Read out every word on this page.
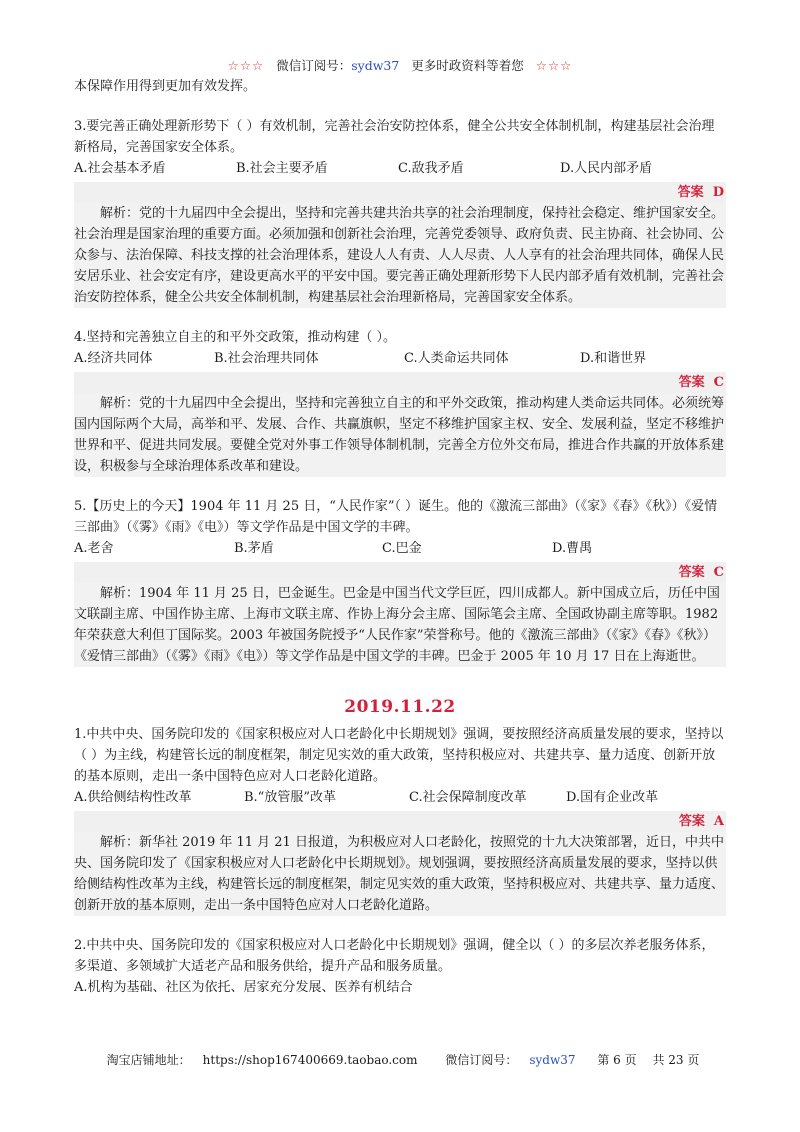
☆☆☆ 微信订阅号：sydw37 更多时政资料等着您 ☆☆☆
本保障作用得到更加有效发挥。
3.要完善正确处理新形势下（ ）有效机制，完善社会治安防控体系，健全公共安全体制机制，构建基层社会治理新格局，完善国家安全体系。
A.社会基本矛盾	B.社会主要矛盾	C.敌我矛盾	D.人民内部矛盾
答案 D
解析：党的十九届四中全会提出，坚持和完善共建共治共享的社会治理制度，保持社会稳定、维护国家安全。社会治理是国家治理的重要方面。必须加强和创新社会治理，完善党委领导、政府负责、民主协商、社会协同、公众参与、法治保障、科技支撑的社会治理体系，建设人人有责、人人尽责、人人享有的社会治理共同体，确保人民安居乐业、社会安定有序，建设更高水平的平安中国。要完善正确处理新形势下人民内部矛盾有效机制，完善社会治安防控体系，健全公共安全体制机制，构建基层社会治理新格局，完善国家安全体系。
4.坚持和完善独立自主的和平外交政策，推动构建（ ）。
A.经济共同体	B.社会治理共同体	C.人类命运共同体	D.和谐世界
答案 C
解析：党的十九届四中全会提出，坚持和完善独立自主的和平外交政策，推动构建人类命运共同体。必须统筹国内国际两个大局，高举和平、发展、合作、共赢旗帜，坚定不移维护国家主权、安全、发展利益，坚定不移维护世界和平、促进共同发展。要健全党对外事工作领导体制机制，完善全方位外交布局，推进合作共赢的开放体系建设，积极参与全球治理体系改革和建设。
5.【历史上的今天】1904 年 11 月 25 日，“人民作家”（ ）诞生。他的《激流三部曲》（《家》《春》《秋》）《爱情三部曲》（《雾》《雨》《电》）等文学作品是中国文学的丰碑。
A.老舍	B.茅盾	C.巴金	D.曹禺
答案 C
解析：1904 年 11 月 25 日，巴金诞生。巴金是中国当代文学巨匠，四川成都人。新中国成立后，历任中国文联副主席、中国作协主席、上海市文联主席、作协上海分会主席、国际笔会主席、全国政协副主席等职。1982 年荣获意大利但丁国际奖。2003 年被国务院授予“人民作家”荣誉称号。他的《激流三部曲》（《家》《春》《秋》）《爱情三部曲》（《雾》《雨》《电》）等文学作品是中国文学的丰碑。巴金于 2005 年 10 月 17 日在上海逝世。
2019.11.22
1.中共中央、国务院印发的《国家积极应对人口老龄化中长期规划》强调，要按照经济高质量发展的要求，坚持以（ ）为主线，构建管长远的制度框架，制定见实效的重大政策，坚持积极应对、共建共享、量力适度、创新开放的基本原则，走出一条中国特色应对人口老龄化道路。
A.供给侧结构性改革	B.“放管服”改革	C.社会保障制度改革	D.国有企业改革
答案 A
解析：新华社 2019 年 11 月 21 日报道，为积极应对人口老龄化，按照党的十九大决策部署，近日，中共中央、国务院印发了《国家积极应对人口老龄化中长期规划》。规划强调，要按照经济高质量发展的要求，坚持以供给侧结构性改革为主线，构建管长远的制度框架，制定见实效的重大政策，坚持积极应对、共建共享、量力适度、创新开放的基本原则，走出一条中国特色应对人口老龄化道路。
2.中共中央、国务院印发的《国家积极应对人口老龄化中长期规划》强调，健全以（ ）的多层次养老服务体系，多渠道、多领域扩大适老产品和服务供给，提升产品和服务质量。
A.机构为基础、社区为依托、居家充分发展、医养有机结合
淘宝店铺地址： https://shop167400669.taobao.com 微信订阅号： sydw37 第 6 页 共 23 页
